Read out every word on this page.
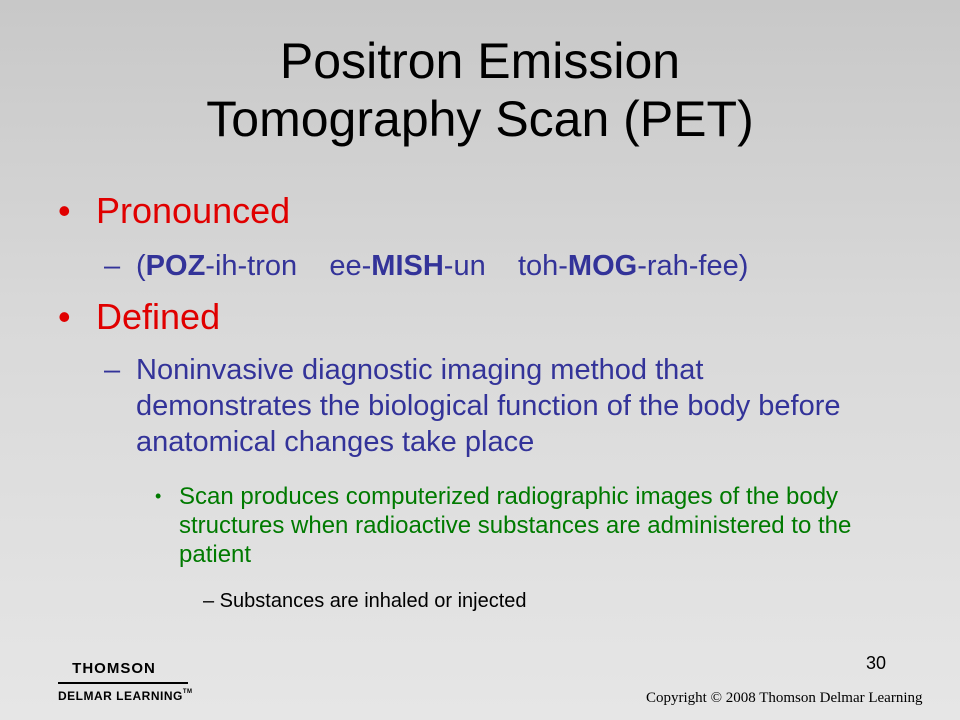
Positron Emission
Tomography Scan (PET)
• Pronounced
– (POZ-ih-tron    ee-MISH-un    toh-MOG-rah-fee)
• Defined
– Noninvasive diagnostic imaging method that demonstrates the biological function of the body before anatomical changes take place
• Scan produces computerized radiographic images of the body structures when radioactive substances are administered to the patient
– Substances are inhaled or injected
30
THOMSON
DELMAR LEARNING™	Copyright © 2008 Thomson Delmar Learning
